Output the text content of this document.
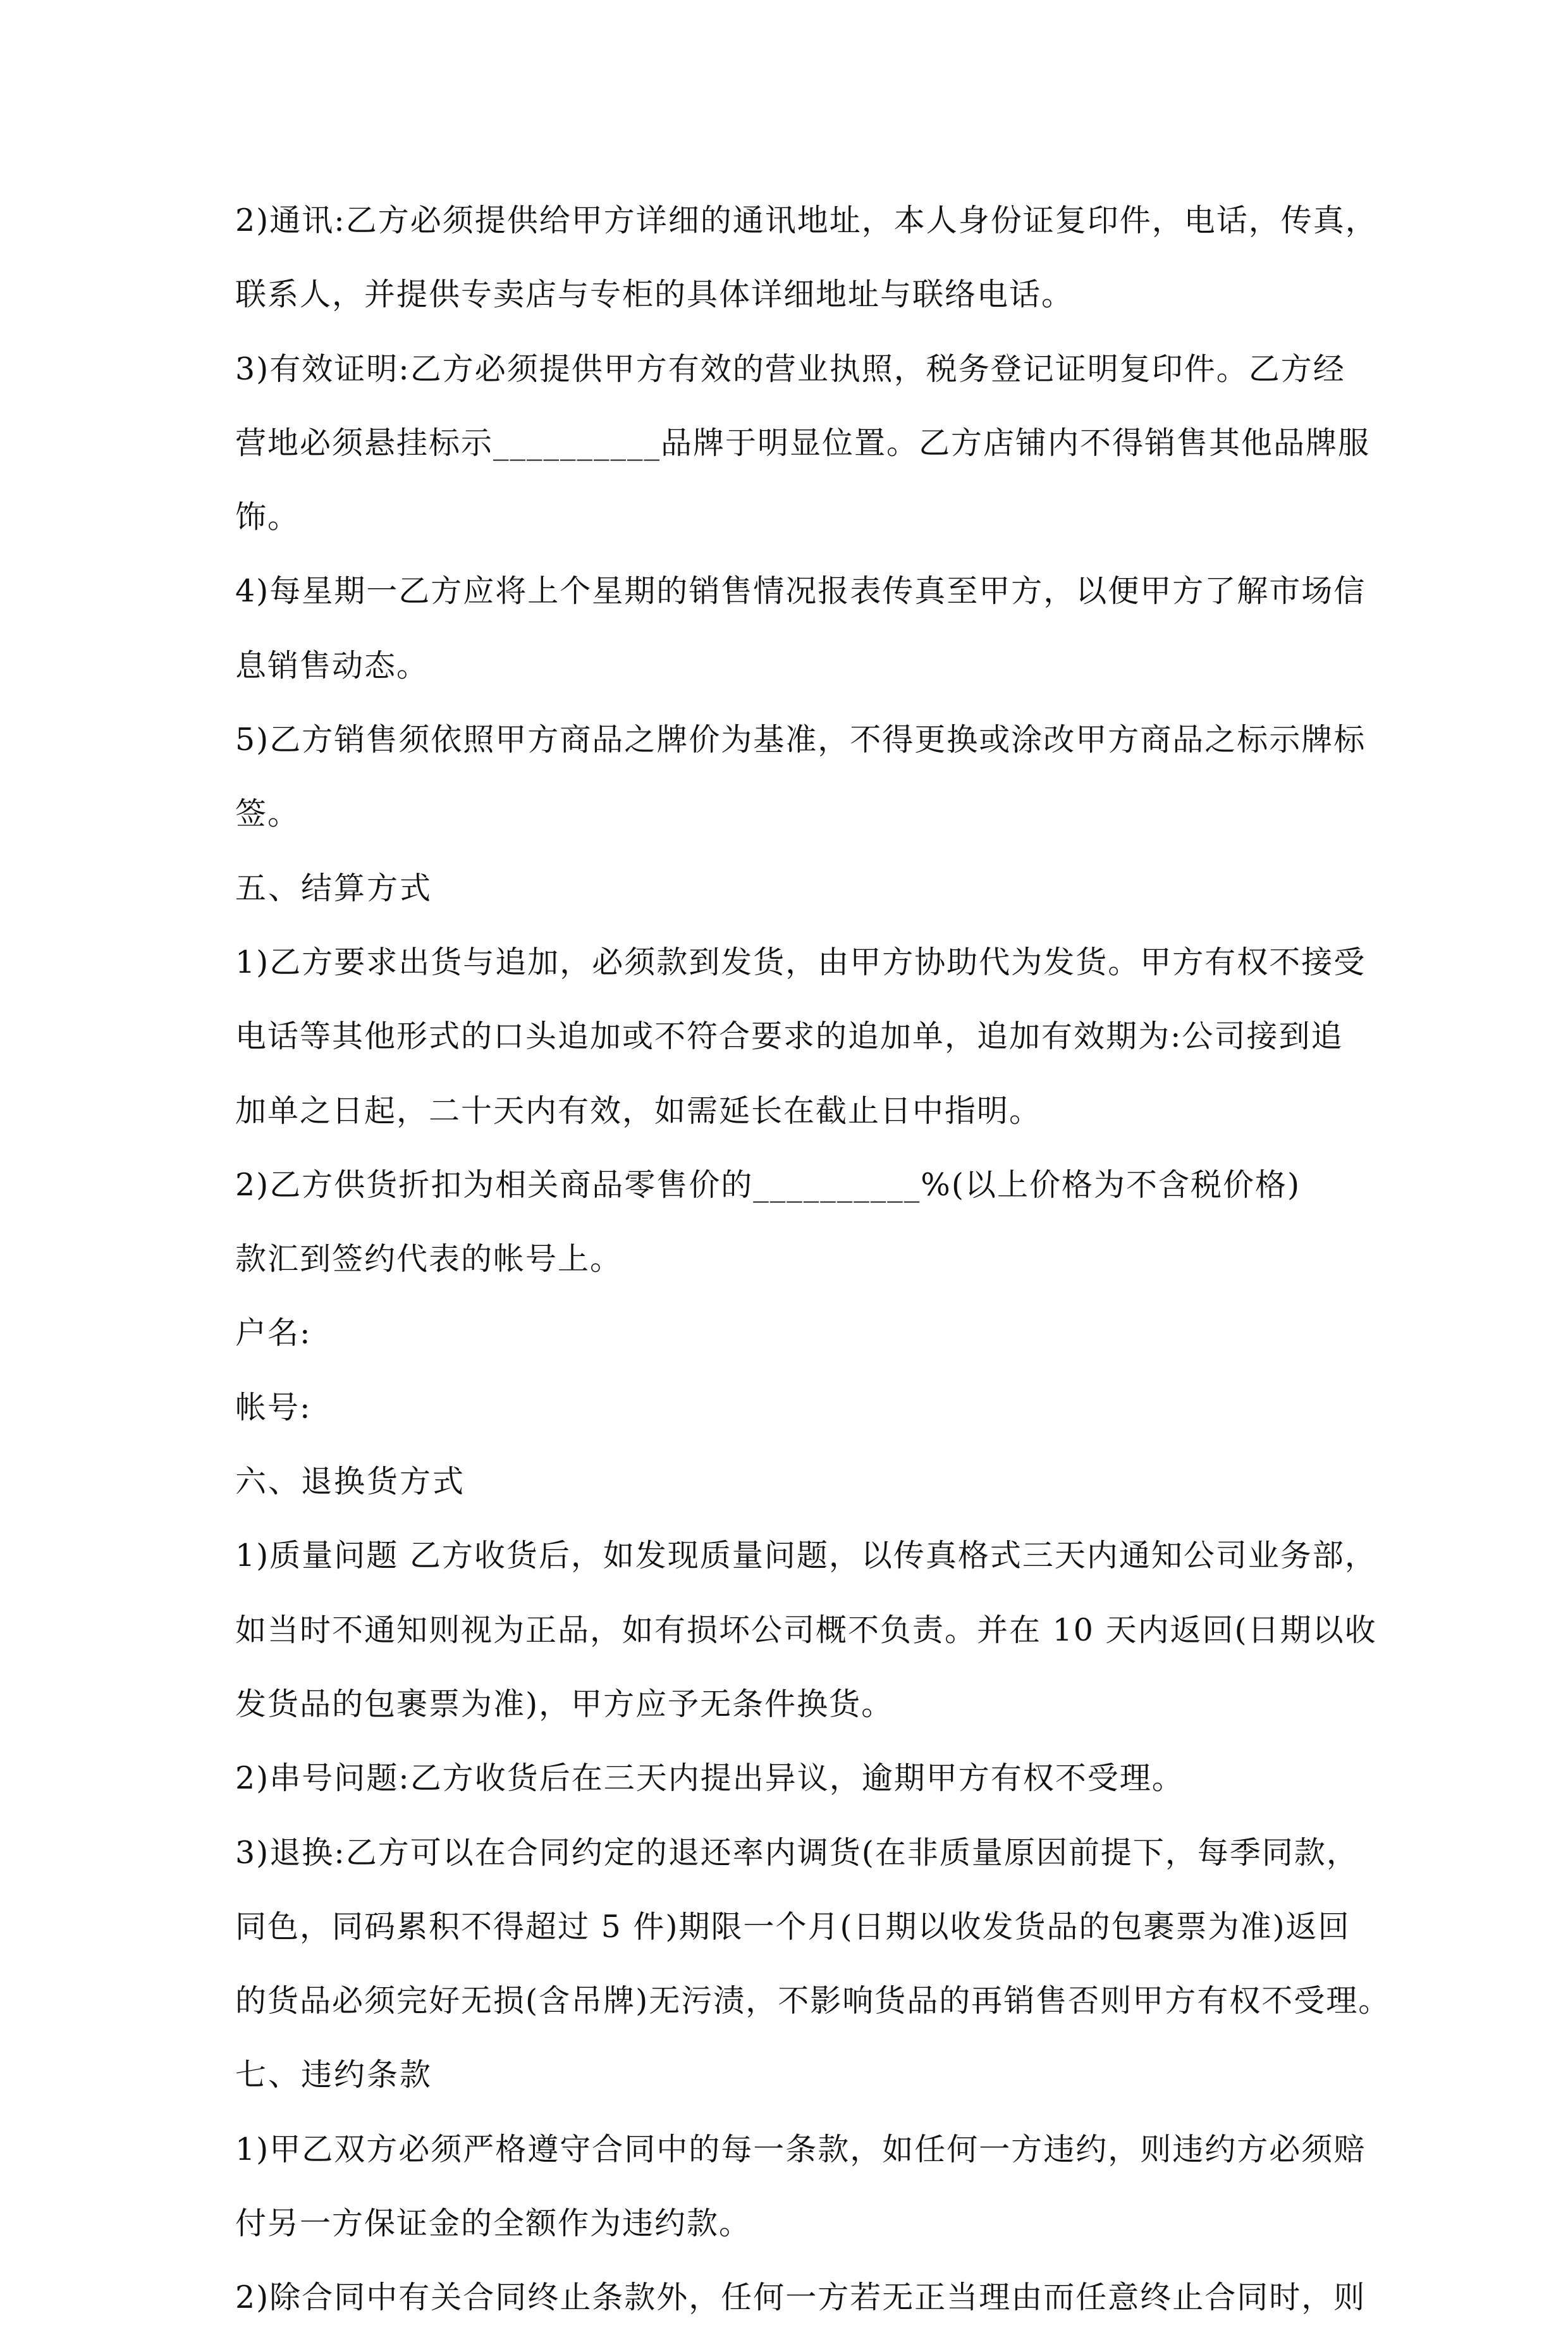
2)通讯:乙方必须提供给甲方详细的通讯地址，本人身份证复印件，电话，传真，
联系人，并提供专卖店与专柜的具体详细地址与联络电话。
3)有效证明:乙方必须提供甲方有效的营业执照，税务登记证明复印件。乙方经
营地必须悬挂标示__________品牌于明显位置。乙方店铺内不得销售其他品牌服
饰。
4)每星期一乙方应将上个星期的销售情况报表传真至甲方，以便甲方了解市场信
息销售动态。
5)乙方销售须依照甲方商品之牌价为基准，不得更换或涂改甲方商品之标示牌标
签。
五、结算方式
1)乙方要求出货与追加，必须款到发货，由甲方协助代为发货。甲方有权不接受
电话等其他形式的口头追加或不符合要求的追加单，追加有效期为:公司接到追
加单之日起，二十天内有效，如需延长在截止日中指明。
2)乙方供货折扣为相关商品零售价的__________%(以上价格为不含税价格)
款汇到签约代表的帐号上。
户名:
帐号:
六、退换货方式
1)质量问题 乙方收货后，如发现质量问题，以传真格式三天内通知公司业务部，
如当时不通知则视为正品，如有损坏公司概不负责。并在 10 天内返回(日期以收
发货品的包裹票为准)，甲方应予无条件换货。
2)串号问题:乙方收货后在三天内提出异议，逾期甲方有权不受理。
3)退换:乙方可以在合同约定的退还率内调货(在非质量原因前提下，每季同款，
同色，同码累积不得超过 5 件)期限一个月(日期以收发货品的包裹票为准)返回
的货品必须完好无损(含吊牌)无污渍，不影响货品的再销售否则甲方有权不受理。
七、违约条款
1)甲乙双方必须严格遵守合同中的每一条款，如任何一方违约，则违约方必须赔
付另一方保证金的全额作为违约款。
2)除合同中有关合同终止条款外，任何一方若无正当理由而任意终止合同时，则
